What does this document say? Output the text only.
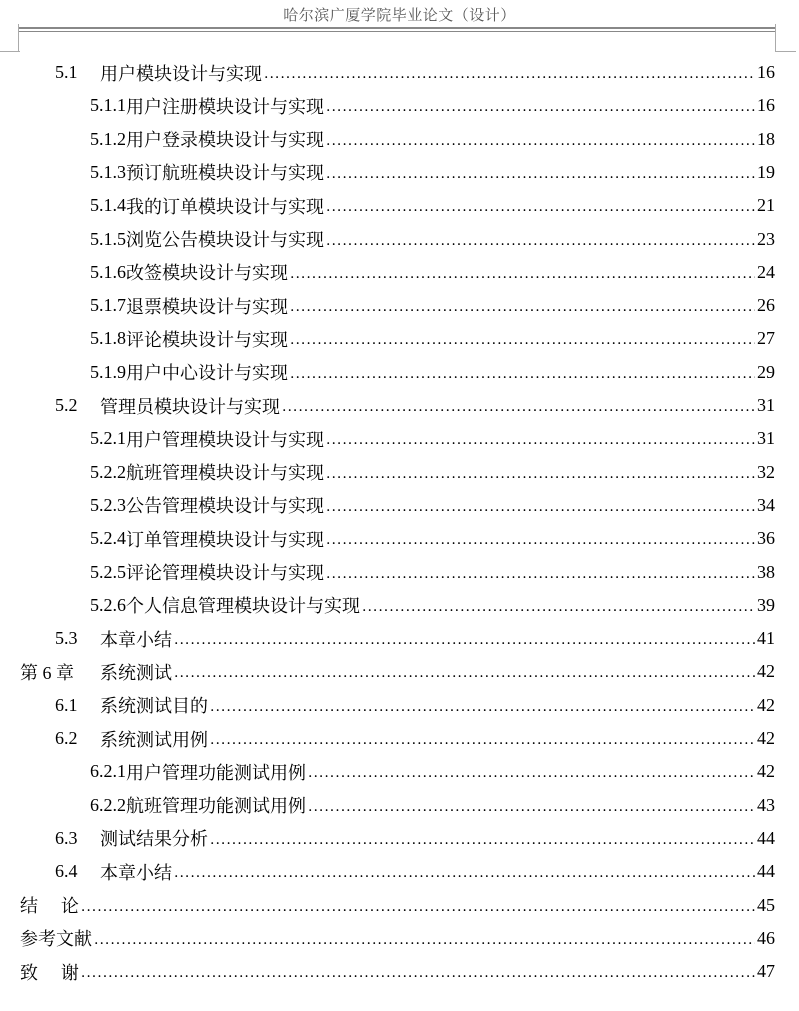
哈尔滨广厦学院毕业论文（设计）
5.1	用户模块设计与实现 .....	16
5.1.1 用户注册模块设计与实现 .....	16
5.1.2 用户登录模块设计与实现 .....	18
5.1.3 预订航班模块设计与实现 .....	19
5.1.4 我的订单模块设计与实现 .....	21
5.1.5 浏览公告模块设计与实现 .....	23
5.1.6 改签模块设计与实现 .....	24
5.1.7 退票模块设计与实现 .....	26
5.1.8 评论模块设计与实现 .....	27
5.1.9 用户中心设计与实现 .....	29
5.2	管理员模块设计与实现 .....	31
5.2.1 用户管理模块设计与实现 .....	31
5.2.2 航班管理模块设计与实现 .....	32
5.2.3 公告管理模块设计与实现 .....	34
5.2.4 订单管理模块设计与实现 .....	36
5.2.5 评论管理模块设计与实现 .....	38
5.2.6 个人信息管理模块设计与实现 .....	39
5.3	本章小结 .....	41
第 6 章	系统测试 .....	42
6.1	系统测试目的 .....	42
6.2	系统测试用例 .....	42
6.2.1 用户管理功能测试用例 .....	42
6.2.2 航班管理功能测试用例 .....	43
6.3	测试结果分析 .....	44
6.4	本章小结 .....	44
结    论 .....	45
参考文献 .....	46
致    谢 .....	47
